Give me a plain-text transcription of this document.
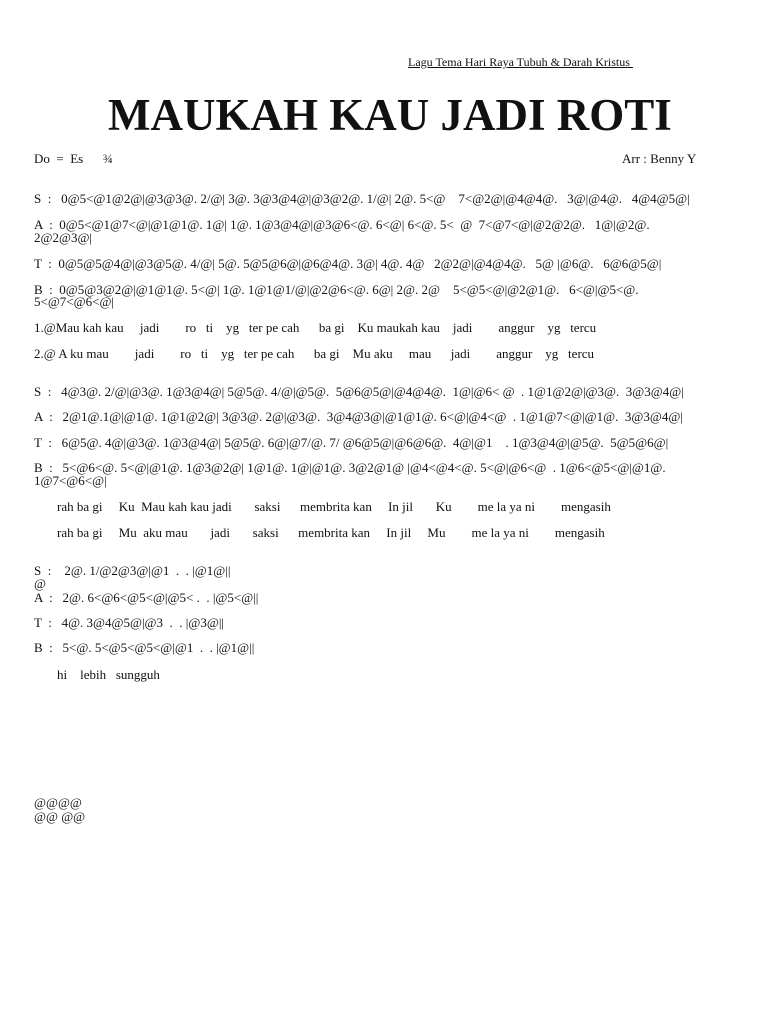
Lagu Tema Hari Raya Tubuh & Darah Kristus
MAUKAH KAU JADI ROTI
Do  =  Es ¾	Arr : Benny Y
S  :   0@5<@1@2@|@3@3@. 2/@| 3@. 3@3@4@|@3@2@. 1/@| 2@. 5<@    7<@2@|@4@4@.   3@|@4@.   4@4@5@|
A  :  0@5<@1@7<@|@1@1@. 1@| 1@. 1@3@4@|@3@6<@. 6<@| 6<@. 5<  @  7<@7<@|@2@2@.   1@|@2@.
2@2@3@|
T  :  0@5@5@4@|@3@5@. 4/@| 5@. 5@5@6@|@6@4@. 3@| 4@. 4@   2@2@|@4@4@.   5@ |@6@.   6@6@5@|
B  :  0@5@3@2@|@1@1@. 5<@| 1@. 1@1@1/@|@2@6<@. 6@| 2@. 2@    5<@5<@|@2@1@.   6<@|@5<@.
5<@7<@6<@|
1.@Mau kah kau     jadi        ro   ti    yg   ter pe cah      ba gi    Ku maukah kau    jadi        anggur    yg   tercu
2.@ A ku mau        jadi        ro   ti    yg   ter pe cah      ba gi    Mu aku     mau      jadi        anggur    yg   tercu
S  :   4@3@. 2/@|@3@. 1@3@4@| 5@5@. 4/@|@5@.  5@6@5@|@4@4@.  1@|@6< @  . 1@1@2@|@3@.  3@3@4@|
A  :   2@1@.1@|@1@. 1@1@2@| 3@3@. 2@|@3@.  3@4@3@|@1@1@. 6<@|@4<@  . 1@1@7<@|@1@.  3@3@4@|
T  :   6@5@. 4@|@3@. 1@3@4@| 5@5@. 6@|@7/@. 7/ @6@5@|@6@6@.  4@|@1    . 1@3@4@|@5@.  5@5@6@|
B  :   5<@6<@. 5<@|@1@. 1@3@2@| 1@1@. 1@|@1@. 3@2@1@ |@4<@4<@. 5<@|@6<@  . 1@6<@5<@|@1@.
1@7<@6<@|
rah ba gi     Ku  Mau kah kau jadi       saksi      membrita kan     In jil       Ku        me la ya ni        mengasih
rah ba gi     Mu  aku mau       jadi       saksi      membrita kan     In jil     Mu        me la ya ni        mengasih
S  :    2@. 1/@2@3@|@1  .  . |@1@||
@
A  :   2@. 6<@6<@5<@|@5< .  . |@5<@||
T  :   4@. 3@4@5@|@3  .  . |@3@||
B  :   5<@. 5<@5<@5<@|@1  .  . |@1@||
hi    lebih   sungguh
@@@@
@@ @@
